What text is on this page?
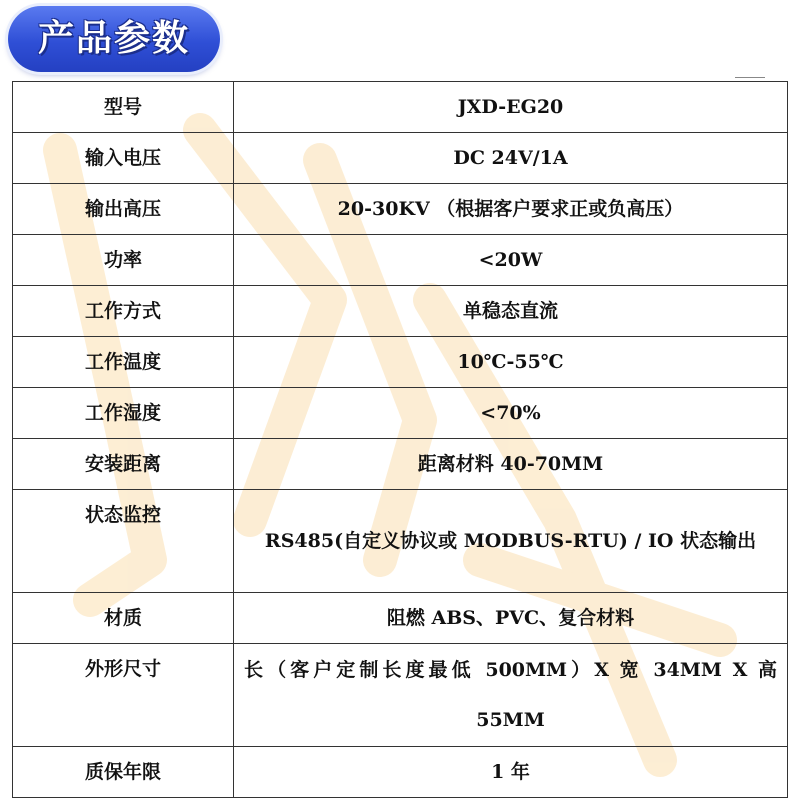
产品参数
型号	JXD-EG20
输入电压	DC 24V/1A
输出高压	20-30KV （根据客户要求正或负高压）
功率	<20W
工作方式	单稳态直流
工作温度	10℃-55℃
工作湿度	<70%
安装距离	距离材料 40-70MM
状态监控	RS485(自定义协议或 MODBUS-RTU) / IO 状态输出
材质	阻燃 ABS、PVC、复合材料
外形尺寸	长（客户定制长度最低 500MM）X 宽 34MM X 高 55MM
质保年限	1 年
